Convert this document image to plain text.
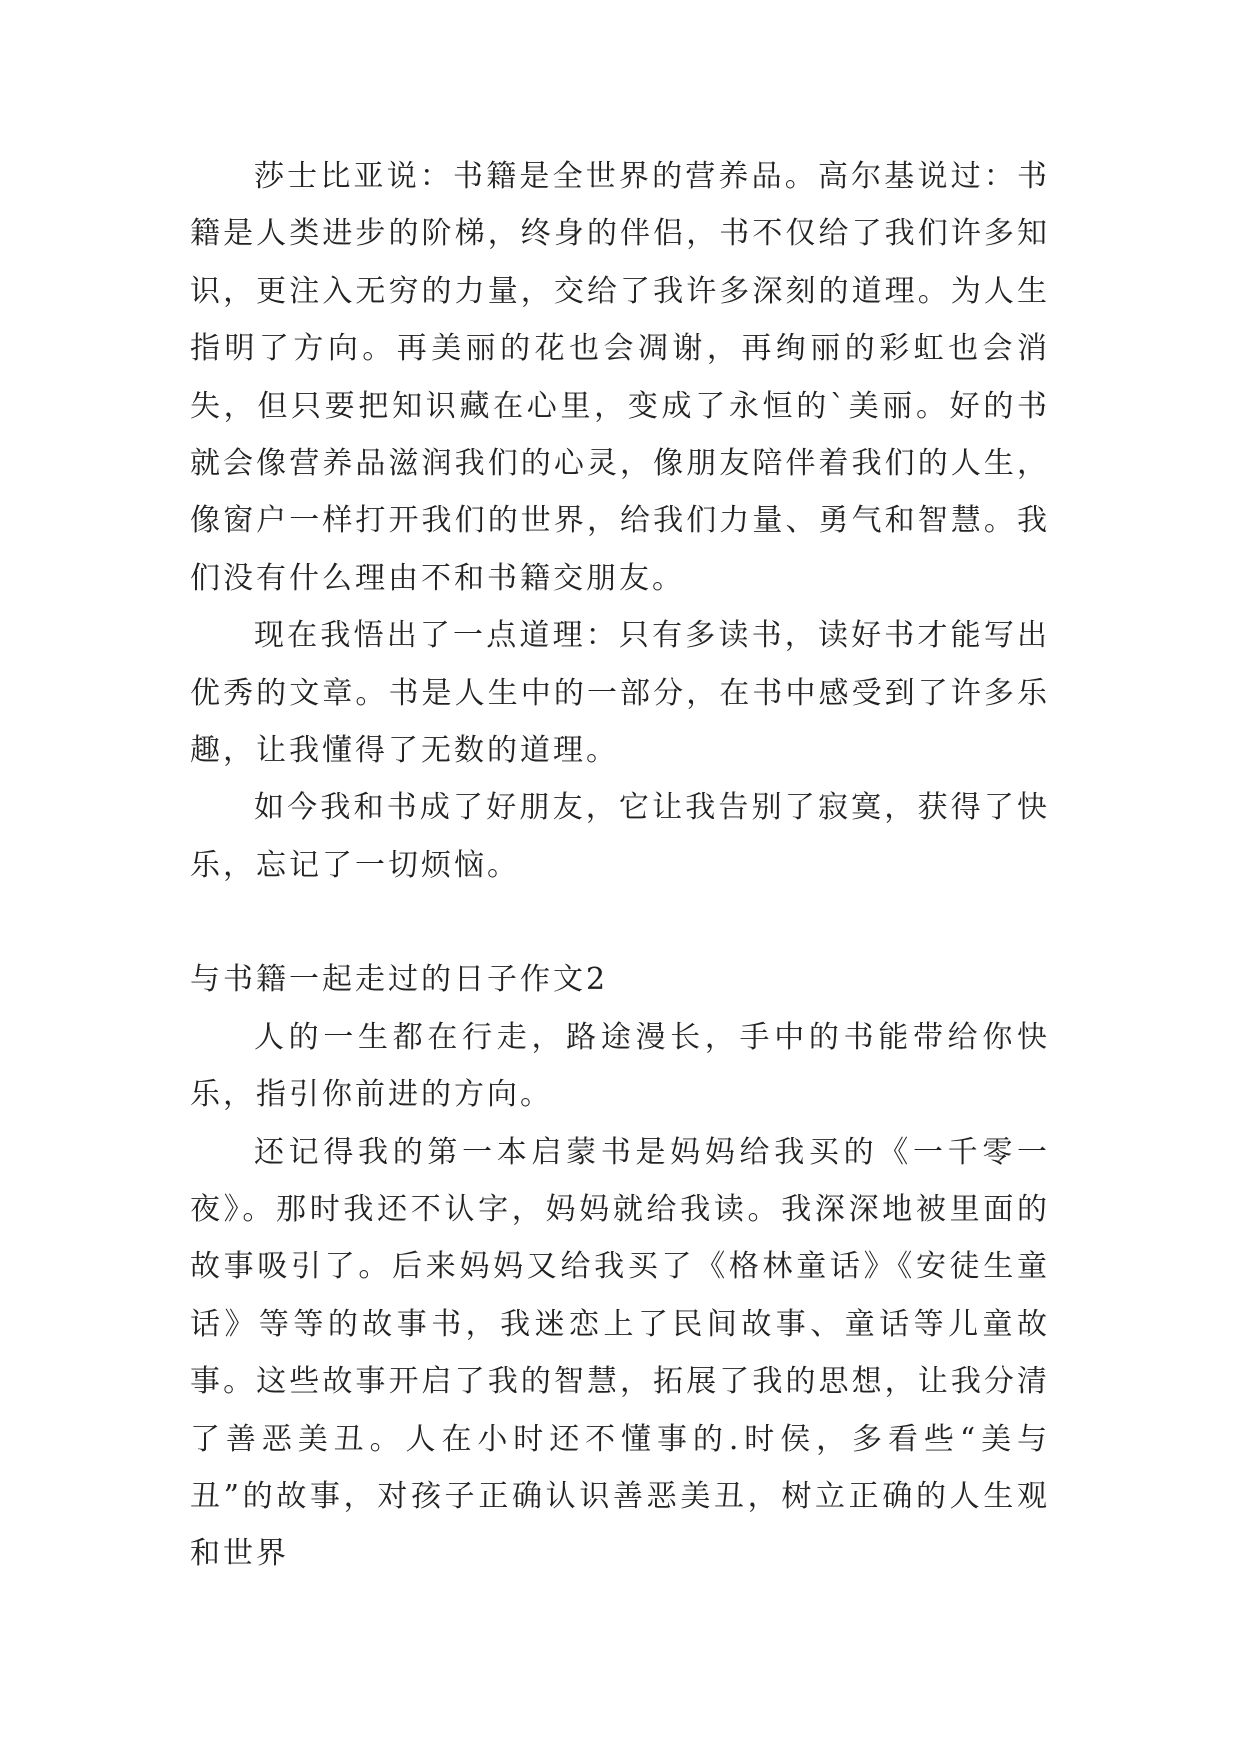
莎士比亚说：书籍是全世界的营养品。高尔基说过：书籍是人类进步的阶梯，终身的伴侣，书不仅给了我们许多知识，更注入无穷的力量，交给了我许多深刻的道理。为人生指明了方向。再美丽的花也会凋谢，再绚丽的彩虹也会消失，但只要把知识藏在心里，变成了永恒的`美丽。好的书就会像营养品滋润我们的心灵，像朋友陪伴着我们的人生，像窗户一样打开我们的世界，给我们力量、勇气和智慧。我们没有什么理由不和书籍交朋友。

现在我悟出了一点道理：只有多读书，读好书才能写出优秀的文章。书是人生中的一部分，在书中感受到了许多乐趣，让我懂得了无数的道理。

如今我和书成了好朋友，它让我告别了寂寞，获得了快乐，忘记了一切烦恼。

与书籍一起走过的日子作文2

人的一生都在行走，路途漫长，手中的书能带给你快乐，指引你前进的方向。

还记得我的第一本启蒙书是妈妈给我买的《一千零一夜》。那时我还不认字，妈妈就给我读。我深深地被里面的故事吸引了。后来妈妈又给我买了《格林童话》《安徒生童话》等等的故事书，我迷恋上了民间故事、童话等儿童故事。这些故事开启了我的智慧，拓展了我的思想，让我分清了善恶美丑。人在小时还不懂事的.时侯，多看些“美与丑”的故事，对孩子正确认识善恶美丑，树立正确的人生观和世界
